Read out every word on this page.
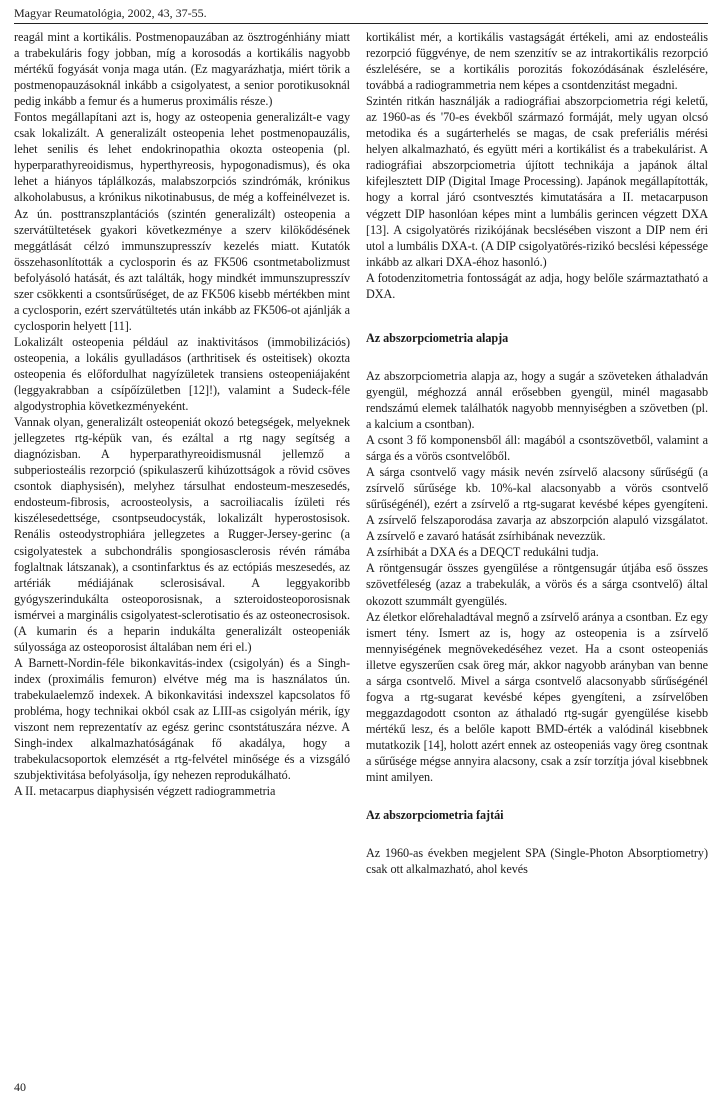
Magyar Reumatológia, 2002, 43, 37-55.

reagál mint a kortikális. Postmenopauzában az ösztrogénhiány miatt a trabekuláris fogy jobban, míg a korosodás a kortikális nagyobb mértékű fogyását vonja maga után. (Ez magyarázhatja, miért törik a postmenopauzásoknál inkább a csigolyatest, a senior porotikusoknál pedig inkább a femur és a humerus proximális része.)

Fontos megállapítani azt is, hogy az osteopenia generalizált-e vagy csak lokalizált. A generalizált osteopenia lehet postmenopauzális, lehet senilis és lehet endokrinopathia okozta osteopenia (pl. hyperparathyreoidismus, hyperthyreosis, hypogonadismus), és oka lehet a hiányos táplálkozás, malabszorpciós szindrómák, krónikus alkoholabusus, a krónikus nikotinabusus, de még a koffeinélvezet is. Az ún. posttranszplantációs (szintén generalizált) osteopenia a szervátültetések gyakori következménye a szerv kilökődésének meggátlását célzó immunszupresszív kezelés miatt. Kutatók összehasonlították a cyclosporin és az FK506 csontmetabolizmust befolyásoló hatását, és azt találták, hogy mindkét immunszupresszív szer csökkenti a csontsűrűséget, de az FK506 kisebb mértékben mint a cyclosporin, ezért szervátültetés után inkább az FK506-ot ajánlják a cyclosporin helyett [11].

Lokalizált osteopenia például az inaktivitásos (immobilizációs) osteopenia, a lokális gyulladásos (arthritisek és osteitisek) okozta osteopenia és előfordulhat nagyízületek transiens osteopeniájaként (leggyakrabban a csípőízületben [12]!), valamint a Sudeck-féle algodystrophia következményeként.

Vannak olyan, generalizált osteopeniát okozó betegségek, melyeknek jellegzetes rtg-képük van, és ezáltal a rtg nagy segítség a diagnózisban. A hyperparathyreoidismusnál jellemző a subperiosteális rezorpció (spikulaszerű kihúzottságok a rövid csöves csontok diaphysisén), melyhez társulhat endosteum-meszesedés, endosteum-fibrosis, acroosteolysis, a sacroiliacalis ízületi rés kiszélesedettsége, csontpseudocysták, lokalizált hyperostosisok. Renális osteodystrophiára jellegzetes a Rugger-Jersey-gerinc (a csigolyatestek a subchondrális spongiosasclerosis révén rámába foglaltnak látszanak), a csontinfarktus és az ectópiás meszesedés, az artériák médiájának sclerosisával. A leggyakoribb gyógyszerindukálta osteoporosisnak, a szteroidosteoporosisnak ismérvei a marginális csigolyatest-sclerotisatio és az osteonecrosisok. (A kumarin és a heparin indukálta generalizált osteopeniák súlyossága az osteoporosist általában nem éri el.)

A Barnett-Nordin-féle bikonkavitás-index (csigolyán) és a Singh-index (proximális femuron) elvétve még ma is használatos ún. trabekulaelemző indexek. A bikonkavitási indexszel kapcsolatos fő probléma, hogy technikai okból csak az LIII-as csigolyán mérik, így viszont nem reprezentatív az egész gerinc csontstátuszára nézve. A Singh-index alkalmazhatóságának fő akadálya, hogy a trabekulacsoportok elemzését a rtg-felvétel minősége és a vizsgáló szubjektivitása befolyásolja, így nehezen reprodukálható.

A II. metacarpus diaphysisén végzett radiogrammetria

kortikálist mér, a kortikális vastagságát értékeli, ami az endosteális rezorpció függvénye, de nem szenzitív se az intrakortikális rezorpció észlelésére, se a kortikális porozitás fokozódásának észlelésére, továbbá a radiogrammetria nem képes a csontdenzitást megadni.

Szintén ritkán használják a radiográfiai abszorpciometria régi keletű, az 1960-as és '70-es évekből származó formáját, mely ugyan olcsó metodika és a sugárterhelés se magas, de csak preferiális mérési helyen alkalmazható, és együtt méri a kortikálist és a trabekulárist. A radiográfiai abszorpciometria újított technikája a japánok által kifejlesztett DIP (Digital Image Processing). Japánok megállapították, hogy a korral járó csontvesztés kimutatására a II. metacarpuson végzett DIP hasonlóan képes mint a lumbális gerincen végzett DXA [13]. A csigolyatörés rizikójának becslésében viszont a DIP nem éri utol a lumbális DXA-t. (A DIP csigolyatörés-rizikó becslési képessége inkább az alkari DXA-éhoz hasonló.)

A fotodenzitometria fontosságát az adja, hogy belőle származtatható a DXA.

Az abszorpciometria alapja

Az abszorpciometria alapja az, hogy a sugár a szöveteken áthaladván gyengül, méghozzá annál erősebben gyengül, minél magasabb rendszámú elemek találhatók nagyobb mennyiségben a szövetben (pl. a kalcium a csontban).

A csont 3 fő komponensből áll: magából a csontszövetből, valamint a sárga és a vörös csontvelőből.

A sárga csontvelő vagy másik nevén zsírvelő alacsony sűrűségű (a zsírvelő sűrűsége kb. 10%-kal alacsonyabb a vörös csontvelő sűrűségénél), ezért a zsírvelő a rtg-sugarat kevésbé képes gyengíteni. A zsírvelő felszaporodása zavarja az abszorpción alapuló vizsgálatot. A zsírvelő e zavaró hatását zsírhibának nevezzük.

A zsírhibát a DXA és a DEQCT redukálni tudja.

A röntgensugár összes gyengülése a röntgensugár útjába eső összes szövetféleség (azaz a trabekulák, a vörös és a sárga csontvelő) által okozott szummált gyengülés.

Az életkor előrehaladtával megnő a zsírvelő aránya a csontban. Ez egy ismert tény. Ismert az is, hogy az osteopenia is a zsírvelő mennyiségének megnövekedéséhez vezet. Ha a csont osteopeniás illetve egyszerűen csak öreg már, akkor nagyobb arányban van benne a sárga csontvelő. Mivel a sárga csontvelő alacsonyabb sűrűségénél fogva a rtg-sugarat kevésbé képes gyengíteni, a zsírvelőben meggazdagodott csonton az áthaladó rtg-sugár gyengülése kisebb mértékű lesz, és a belőle kapott BMD-érték a valódinál kisebbnek mutatkozik [14], holott azért ennek az osteopeniás vagy öreg csontnak a sűrűsége mégse annyira alacsony, csak a zsír torzítja jóval kisebbnek mint amilyen.

Az abszorpciometria fajtái

Az 1960-as években megjelent SPA (Single-Photon Absorptiometry) csak ott alkalmazható, ahol kevés

40
